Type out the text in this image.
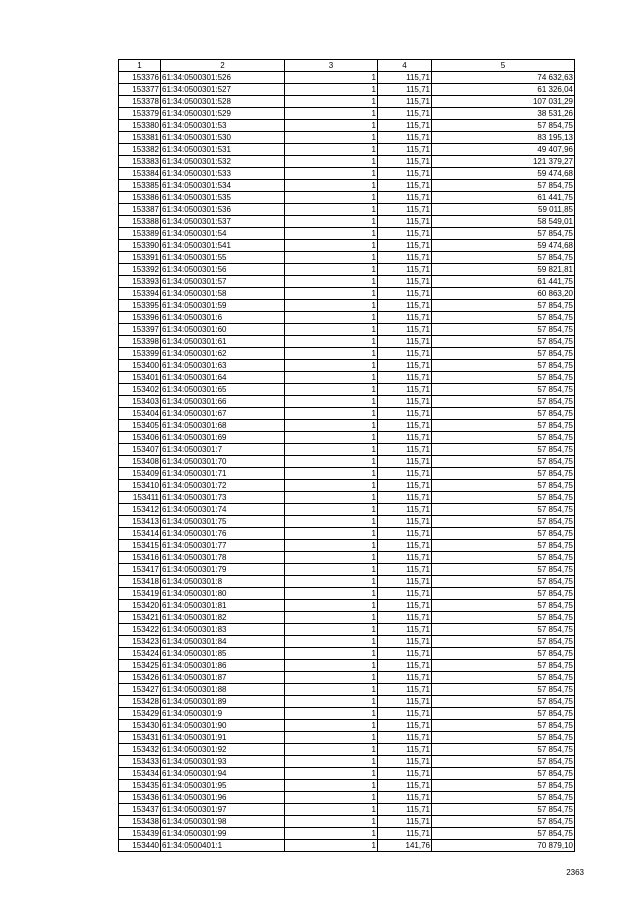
1	2	3	4	5
153376	61:34:0500301:526	1	115,71	74 632,63
153377	61:34:0500301:527	1	115,71	61 326,04
153378	61:34:0500301:528	1	115,71	107 031,29
153379	61:34:0500301:529	1	115,71	38 531,26
153380	61:34:0500301:53	1	115,71	57 854,75
153381	61:34:0500301:530	1	115,71	83 195,13
153382	61:34:0500301:531	1	115,71	49 407,96
153383	61:34:0500301:532	1	115,71	121 379,27
153384	61:34:0500301:533	1	115,71	59 474,68
153385	61:34:0500301:534	1	115,71	57 854,75
153386	61:34:0500301:535	1	115,71	61 441,75
153387	61:34:0500301:536	1	115,71	59 011,85
153388	61:34:0500301:537	1	115,71	58 549,01
153389	61:34:0500301:54	1	115,71	57 854,75
153390	61:34:0500301:541	1	115,71	59 474,68
153391	61:34:0500301:55	1	115,71	57 854,75
153392	61:34:0500301:56	1	115,71	59 821,81
153393	61:34:0500301:57	1	115,71	61 441,75
153394	61:34:0500301:58	1	115,71	60 863,20
153395	61:34:0500301:59	1	115,71	57 854,75
153396	61:34:0500301:6	1	115,71	57 854,75
153397	61:34:0500301:60	1	115,71	57 854,75
153398	61:34:0500301:61	1	115,71	57 854,75
153399	61:34:0500301:62	1	115,71	57 854,75
153400	61:34:0500301:63	1	115,71	57 854,75
153401	61:34:0500301:64	1	115,71	57 854,75
153402	61:34:0500301:65	1	115,71	57 854,75
153403	61:34:0500301:66	1	115,71	57 854,75
153404	61:34:0500301:67	1	115,71	57 854,75
153405	61:34:0500301:68	1	115,71	57 854,75
153406	61:34:0500301:69	1	115,71	57 854,75
153407	61:34:0500301:7	1	115,71	57 854,75
153408	61:34:0500301:70	1	115,71	57 854,75
153409	61:34:0500301:71	1	115,71	57 854,75
153410	61:34:0500301:72	1	115,71	57 854,75
153411	61:34:0500301:73	1	115,71	57 854,75
153412	61:34:0500301:74	1	115,71	57 854,75
153413	61:34:0500301:75	1	115,71	57 854,75
153414	61:34:0500301:76	1	115,71	57 854,75
153415	61:34:0500301:77	1	115,71	57 854,75
153416	61:34:0500301:78	1	115,71	57 854,75
153417	61:34:0500301:79	1	115,71	57 854,75
153418	61:34:0500301:8	1	115,71	57 854,75
153419	61:34:0500301:80	1	115,71	57 854,75
153420	61:34:0500301:81	1	115,71	57 854,75
153421	61:34:0500301:82	1	115,71	57 854,75
153422	61:34:0500301:83	1	115,71	57 854,75
153423	61:34:0500301:84	1	115,71	57 854,75
153424	61:34:0500301:85	1	115,71	57 854,75
153425	61:34:0500301:86	1	115,71	57 854,75
153426	61:34:0500301:87	1	115,71	57 854,75
153427	61:34:0500301:88	1	115,71	57 854,75
153428	61:34:0500301:89	1	115,71	57 854,75
153429	61:34:0500301:9	1	115,71	57 854,75
153430	61:34:0500301:90	1	115,71	57 854,75
153431	61:34:0500301:91	1	115,71	57 854,75
153432	61:34:0500301:92	1	115,71	57 854,75
153433	61:34:0500301:93	1	115,71	57 854,75
153434	61:34:0500301:94	1	115,71	57 854,75
153435	61:34:0500301:95	1	115,71	57 854,75
153436	61:34:0500301:96	1	115,71	57 854,75
153437	61:34:0500301:97	1	115,71	57 854,75
153438	61:34:0500301:98	1	115,71	57 854,75
153439	61:34:0500301:99	1	115,71	57 854,75
153440	61:34:0500401:1	1	141,76	70 879,10
2363
